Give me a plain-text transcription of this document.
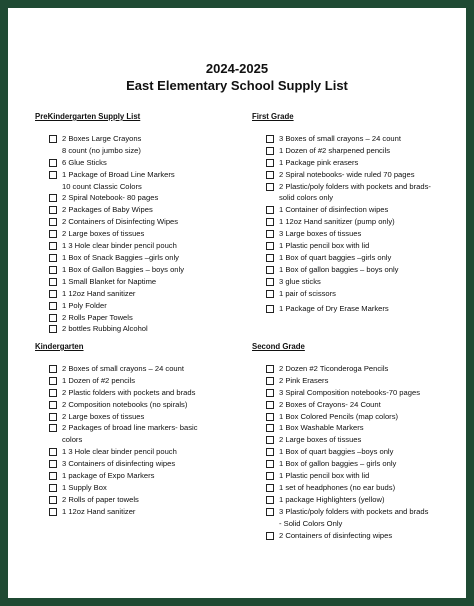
2024-2025
East Elementary School Supply List
PreKindergarten Supply List
2 Boxes Large Crayons
8 count (no jumbo size)
6 Glue Sticks
1 Package of Broad Line Markers
10 count Classic Colors
2 Spiral Notebook- 80 pages
2 Packages of Baby Wipes
2 Containers of Disinfecting Wipes
2 Large boxes of tissues
1 3 Hole clear binder pencil pouch
1 Box of Snack Baggies –girls only
1 Box of Gallon Baggies – boys only
1 Small Blanket for Naptime
1 12oz Hand sanitizer
1 Poly Folder
2 Rolls Paper Towels
2 bottles Rubbing Alcohol
Kindergarten
2 Boxes of small crayons – 24 count
1 Dozen of #2 pencils
2 Plastic folders with pockets and brads
2 Composition notebooks (no spirals)
2 Large boxes of tissues
2 Packages of broad line markers- basic
colors
1 3 Hole clear binder pencil pouch
3 Containers of disinfecting wipes
1 package of Expo Markers
1 Supply Box
2 Rolls of paper towels
1 12oz Hand sanitizer
First Grade
3 Boxes of small crayons – 24 count
1 Dozen of #2 sharpened pencils
1 Package pink erasers
2 Spiral notebooks- wide ruled 70 pages
2 Plastic/poly folders with pockets and brads-
solid colors only
1 Container of disinfection wipes
1 12oz Hand sanitizer (pump only)
3 Large boxes of tissues
1 Plastic pencil box with lid
1 Box of quart baggies –girls only
1 Box of gallon baggies – boys only
3 glue sticks
1 pair of scissors
1 Package of Dry Erase Markers
Second Grade
2 Dozen #2 Ticonderoga Pencils
2 Pink Erasers
3 Spiral Composition notebooks-70 pages
2 Boxes of Crayons- 24 Count
1 Box Colored Pencils (map colors)
1 Box Washable Markers
2 Large boxes of tissues
1 Box of quart baggies –boys only
1 Box of gallon baggies – girls only
1 Plastic pencil box with lid
1 set of headphones (no ear buds)
1 package Highlighters (yellow)
3 Plastic/poly folders with pockets and brads
- Solid Colors Only
2 Containers of disinfecting wipes
